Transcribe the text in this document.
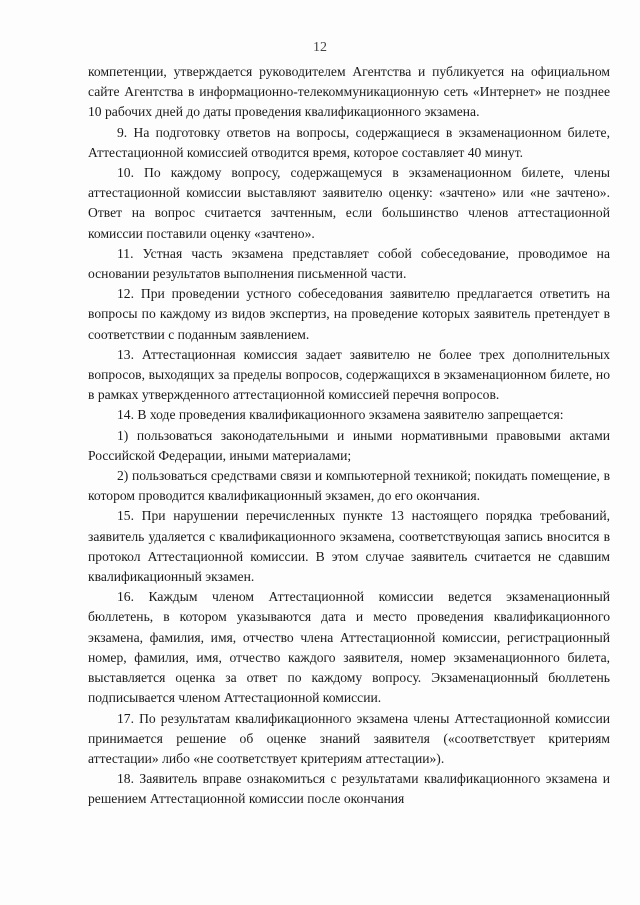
12

компетенции, утверждается руководителем Агентства и публикуется на официальном сайте Агентства в информационно-телекоммуникационную сеть «Интернет» не позднее 10 рабочих дней до даты проведения квалификационного экзамена.

9. На подготовку ответов на вопросы, содержащиеся в экзаменационном билете, Аттестационной комиссией отводится время, которое составляет 40 минут.

10. По каждому вопросу, содержащемуся в экзаменационном билете, члены аттестационной комиссии выставляют заявителю оценку: «зачтено» или «не зачтено». Ответ на вопрос считается зачтенным, если большинство членов аттестационной комиссии поставили оценку «зачтено».

11. Устная часть экзамена представляет собой собеседование, проводимое на основании результатов выполнения письменной части.

12. При проведении устного собеседования заявителю предлагается ответить на вопросы по каждому из видов экспертиз, на проведение которых заявитель претендует в соответствии с поданным заявлением.

13. Аттестационная комиссия задает заявителю не более трех дополнительных вопросов, выходящих за пределы вопросов, содержащихся в экзаменационном билете, но в рамках утвержденного аттестационной комиссией перечня вопросов.

14. В ходе проведения квалификационного экзамена заявителю запрещается:

1) пользоваться законодательными и иными нормативными правовыми актами Российской Федерации, иными материалами;

2) пользоваться средствами связи и компьютерной техникой; покидать помещение, в котором проводится квалификационный экзамен, до его окончания.

15. При нарушении перечисленных пункте 13 настоящего порядка требований, заявитель удаляется с квалификационного экзамена, соответствующая запись вносится в протокол Аттестационной комиссии. В этом случае заявитель считается не сдавшим квалификационный экзамен.

16. Каждым членом Аттестационной комиссии ведется экзаменационный бюллетень, в котором указываются дата и место проведения квалификационного экзамена, фамилия, имя, отчество члена Аттестационной комиссии, регистрационный номер, фамилия, имя, отчество каждого заявителя, номер экзаменационного билета, выставляется оценка за ответ по каждому вопросу. Экзаменационный бюллетень подписывается членом Аттестационной комиссии.

17. По результатам квалификационного экзамена члены Аттестационной комиссии принимается решение об оценке знаний заявителя («соответствует критериям аттестации» либо «не соответствует критериям аттестации»).

18. Заявитель вправе ознакомиться с результатами квалификационного экзамена и решением Аттестационной комиссии после окончания
